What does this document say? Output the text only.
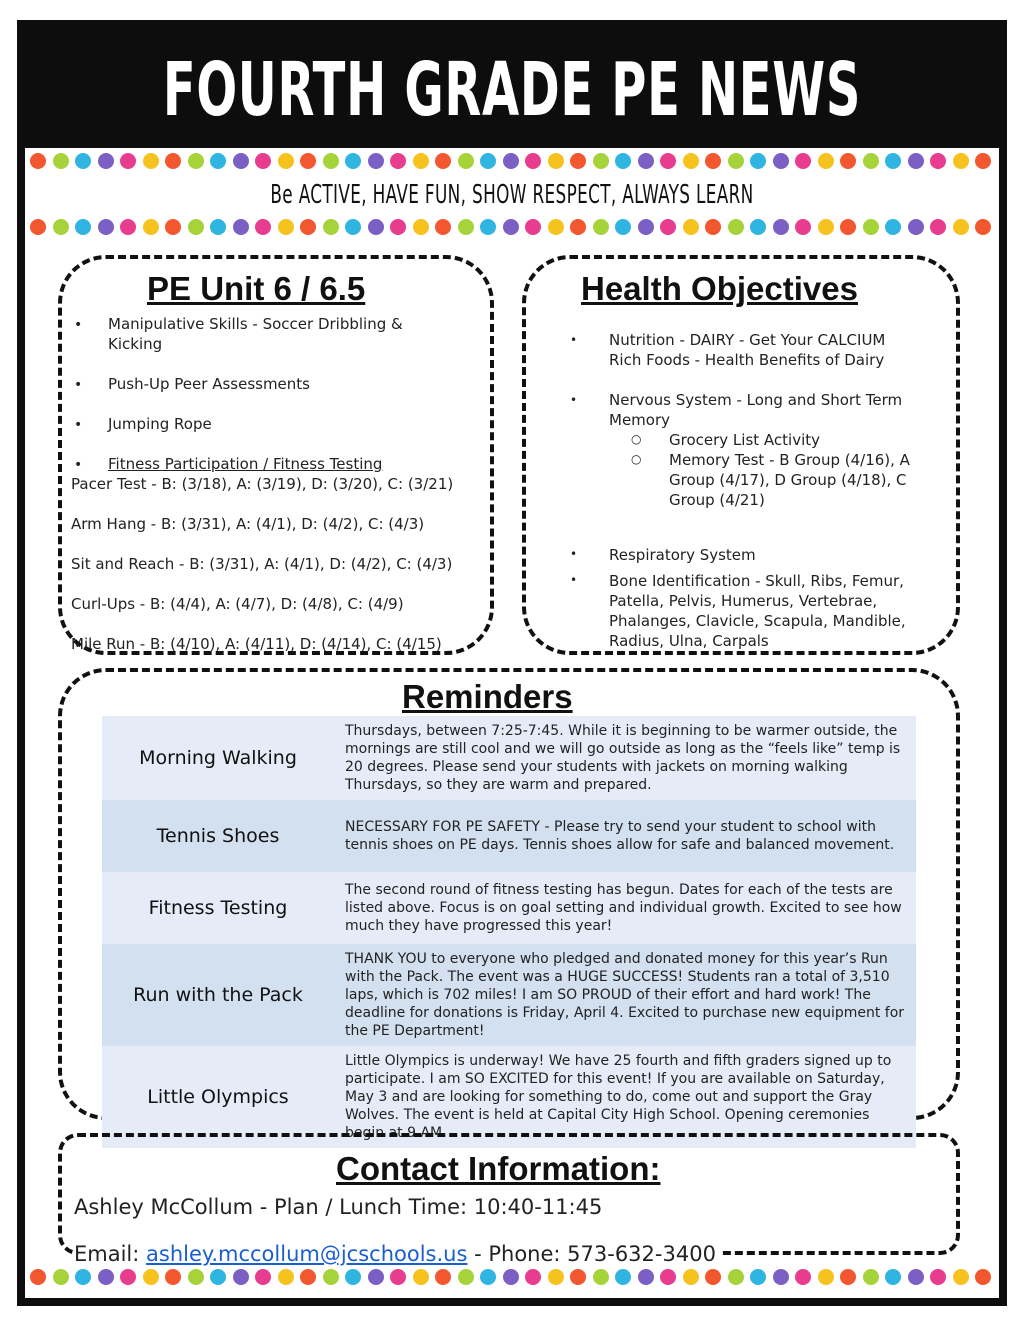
FOURTH GRADE PE NEWS
Be ACTIVE, HAVE FUN, SHOW RESPECT, ALWAYS LEARN
PE Unit 6 / 6.5
• Manipulative Skills - Soccer Dribbling &
Kicking
• Push-Up Peer Assessments
• Jumping Rope
• Fitness Participation / Fitness Testing
Pacer Test - B: (3/18), A: (3/19), D: (3/20), C: (3/21)
Arm Hang - B: (3/31), A: (4/1), D: (4/2), C: (4/3)
Sit and Reach - B: (3/31), A: (4/1), D: (4/2), C: (4/3)
Curl-Ups - B: (4/4), A: (4/7), D: (4/8), C: (4/9)
Mile Run - B: (4/10), A: (4/11), D: (4/14), C: (4/15)
Health Objectives
• Nutrition - DAIRY - Get Your CALCIUM
Rich Foods - Health Benefits of Dairy
• Nervous System - Long and Short Term
Memory
○ Grocery List Activity
○ Memory Test - B Group (4/16), A
Group (4/17), D Group (4/18), C
Group (4/21)
• Respiratory System
• Bone Identification - Skull, Ribs, Femur,
Patella, Pelvis, Humerus, Vertebrae,
Phalanges, Clavicle, Scapula, Mandible,
Radius, Ulna, Carpals
Reminders
Morning Walking	Thursdays, between 7:25-7:45. While it is beginning to be warmer outside, the mornings are still cool and we will go outside as long as the “feels like” temp is 20 degrees. Please send your students with jackets on morning walking Thursdays, so they are warm and prepared.
Tennis Shoes	NECESSARY FOR PE SAFETY - Please try to send your student to school with tennis shoes on PE days. Tennis shoes allow for safe and balanced movement.
Fitness Testing	The second round of fitness testing has begun. Dates for each of the tests are listed above. Focus is on goal setting and individual growth. Excited to see how much they have progressed this year!
Run with the Pack	THANK YOU to everyone who pledged and donated money for this year’s Run with the Pack. The event was a HUGE SUCCESS! Students ran a total of 3,510 laps, which is 702 miles! I am SO PROUD of their effort and hard work! The deadline for donations is Friday, April 4. Excited to purchase new equipment for the PE Department!
Little Olympics	Little Olympics is underway! We have 25 fourth and fifth graders signed up to participate. I am SO EXCITED for this event! If you are available on Saturday, May 3 and are looking for something to do, come out and support the Gray Wolves. The event is held at Capital City High School. Opening ceremonies begin at 9 AM.
Contact Information:
Ashley McCollum - Plan / Lunch Time: 10:40-11:45
Email: ashley.mccollum@jcschools.us - Phone: 573-632-3400
